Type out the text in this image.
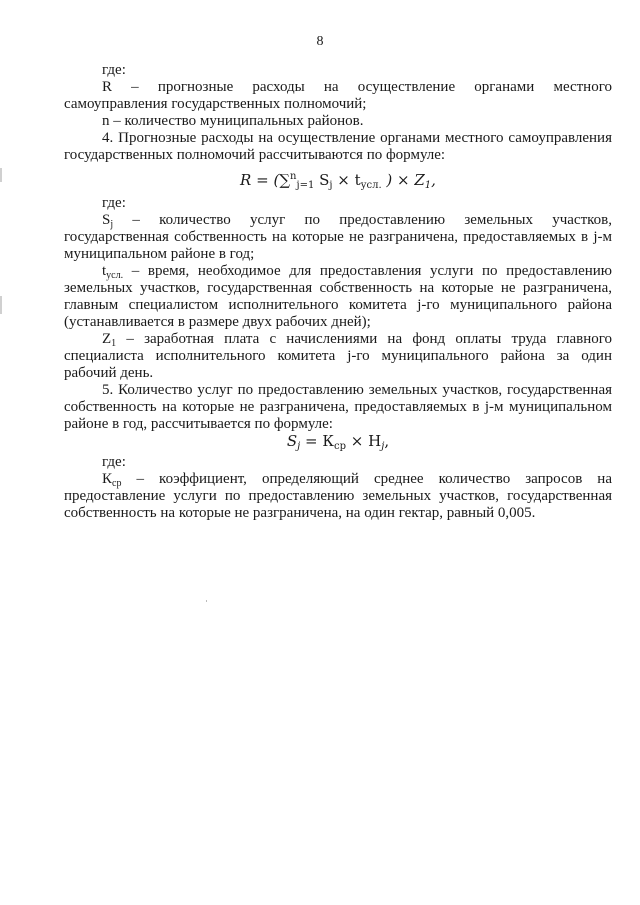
8

где:

R – прогнозные расходы на осуществление органами местного

самоуправления государственных полномочий;

n – количество муниципальных районов.

4. Прогнозные расходы на осуществление органами местного самоуправления

государственных полномочий рассчитываются по формуле:

R = (∑$^n_{j=1}$ $S_j \times t_{усл.}$ ) × $Z_1$,

где:

$S_j$ – количество услуг по предоставлению земельных участков,

государственная собственность на которые не разграничена, предоставляемых в j-м

муниципальном районе в год;

$t_{усл.}$ – время, необходимое для предоставления услуги по предоставлению

земельных участков, государственная собственность на которые не разграничена,

главным специалистом исполнительного комитета j-го муниципального района

(устанавливается в размере двух рабочих дней);

$Z_1$ – заработная плата с начислениями на фонд оплаты труда главного

специалиста исполнительного комитета j-го муниципального района за один

рабочий день.

5. Количество услуг по предоставлению земельных участков, государственная

собственность на которые не разграничена, предоставляемых в j-м муниципальном

районе в год, рассчитывается по формуле:

$S_j = К_{ср} \times Н_j$,

где:

$К_{ср}$ – коэффициент, определяющий среднее количество запросов на

предоставление услуги по предоставлению земельных участков, государственная

собственность на которые не разграничена, на один гектар, равный 0,005.
